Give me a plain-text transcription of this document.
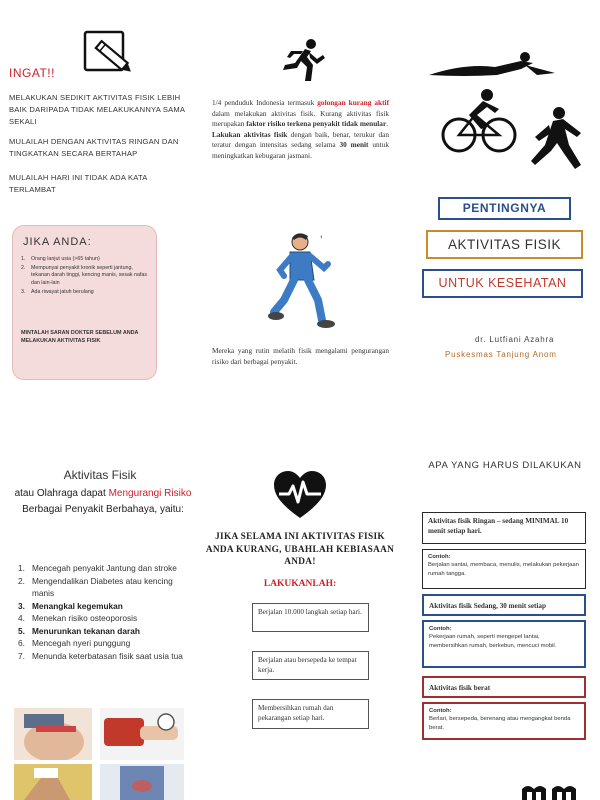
INGAT!!
MELAKUKAN SEDIKIT AKTIVITAS FISIK LEBIH BAIK DARIPADA TIDAK MELAKUKANNYA SAMA SEKALI
MULAILAH DENGAN AKTIVITAS RINGAN DAN TINGKATKAN SECARA BERTAHAP
MULAILAH HARI INI TIDAK ADA KATA TERLAMBAT
JIKA ANDA:
1. Orang lanjut usia (>65 tahun)
2. Mempunyai penyakit kronik seperti jantung, tekanan darah tinggi, kencing manis, sesak nafas dan lain-lain
3. Ada riwayat jatuh berulang
MINTALAH SARAN DOKTER SEBELUM ANDA MELAKUKAN AKTIVITAS FISIK
1/4 penduduk Indonesia termasuk golongan kurang aktif dalam melakukan aktivitas fisik. Kurang aktivitas fisik merupakan faktor risiko terkena penyakit tidak menular.
Lakukan aktivitas fisik dengan baik, benar, terukur dan teratur dengan intensitas sedang selama 30 menit untuk meningkatkan kebugaran jasmani.
'
Mereka yang rutin melatih fisik mengalami pengurangan risiko dari berbagai penyakit.
PENTINGNYA
AKTIVITAS FISIK
UNTUK KESEHATAN
dr. Lutfiani Azahra
Puskesmas Tanjung Anom
Aktivitas Fisik
atau Olahraga dapat Mengurangi Risiko Berbagai Penyakit Berbahaya, yaitu:
1. Mencegah penyakit Jantung dan stroke
2. Mengendalikan Diabetes atau kencing manis
3. Menangkal kegemukan
4. Menekan risiko osteoporosis
5. Menurunkan tekanan darah
6. Mencegah nyeri punggung
7. Menunda keterbatasan fisik saat usia tua
JIKA SELAMA INI AKTIVITAS FISIK ANDA KURANG, UBAHLAH KEBIASAAN ANDA!
LAKUKANLAH:
Berjalan 10.000 langkah setiap hari.
Berjalan atau bersepeda ke tempat kerja.
Membersihkan rumah dan pekarangan setiap hari.
APA YANG HARUS DILAKUKAN
Aktivitas fisik Ringan – sedang MINIMAL 10 menit setiap hari.
Contoh:
Berjalan santai, membaca, menulis, melakukan pekerjaan rumah tangga.
Aktivitas fisik Sedang, 30 menit setiap
Contoh:
Pekerjaan rumah, seperti mengepel lantai, membersihkan rumah, berkebun, mencuci mobil.
Aktivitas fisik berat
Contoh:
Berlari, bersepeda, berenang atau mengangkat benda berat.
